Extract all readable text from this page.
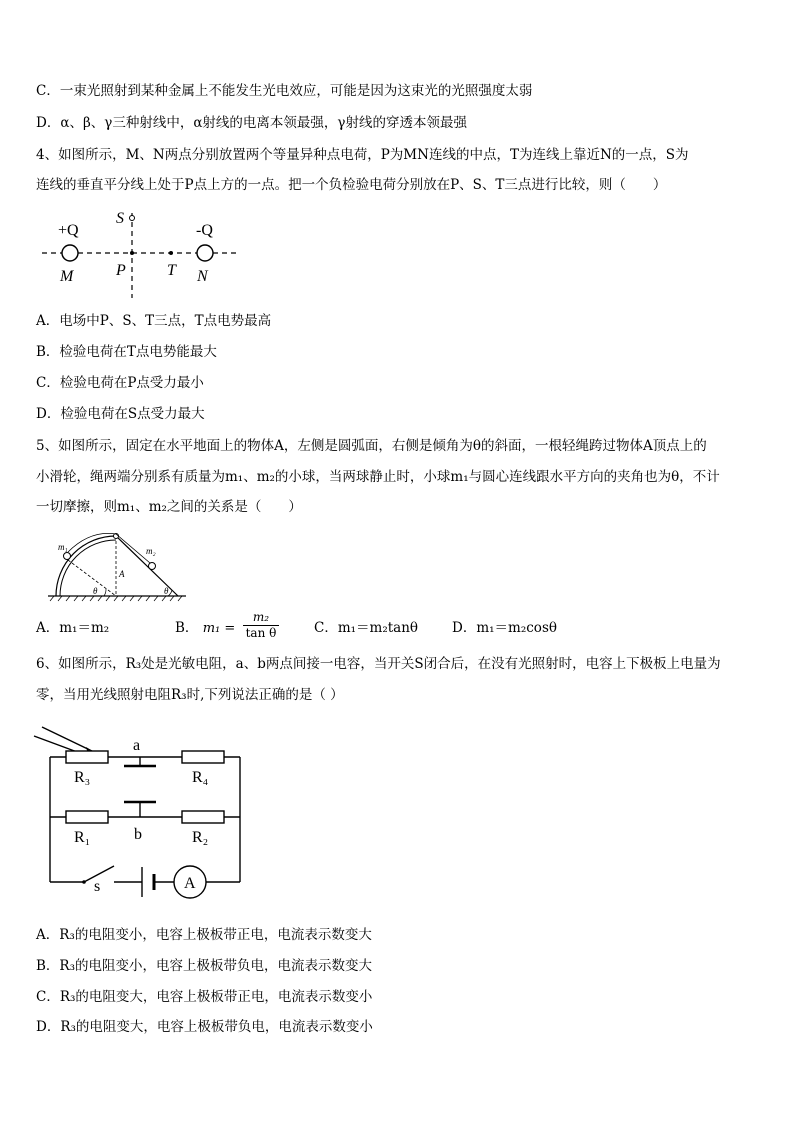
C．一束光照射到某种金属上不能发生光电效应，可能是因为这束光的光照强度太弱
D．α、β、γ三种射线中，α射线的电离本领最强，γ射线的穿透本领最强
4、如图所示，M、N两点分别放置两个等量异种点电荷，P为MN连线的中点，T为连线上靠近N的一点，S为
连线的垂直平分线上处于P点上方的一点。把一个负检验电荷分别放在P、S、T三点进行比较，则（　　）
+Q	-Q
S
M	P	T N
A．电场中P、S、T三点，T点电势最高
B．检验电荷在T点电势能最大
C．检验电荷在P点受力最小
D．检验电荷在S点受力最大
5、如图所示，固定在水平地面上的物体A，左侧是圆弧面，右侧是倾角为θ的斜面，一根轻绳跨过物体A顶点上的
小滑轮，绳两端分别系有质量为m₁、m₂的小球，当两球静止时，小球m₁与圆心连线跟水平方向的夹角也为θ，不计
一切摩擦，则m₁、m₂之间的关系是（　　）
m₁	m₂
A
θ	θ
A．m₁＝m₂	B． $m_1 = \frac{\text{m₂}}{\text{tan θ}}$	C．m₁＝m₂tanθ	D．m₁＝m₂cosθ
6、如图所示，R₃处是光敏电阻，a、b两点间接一电容，当开关S闭合后，在没有光照射时，电容上下极板上电量为
零，当用光线照射电阻R₃时,下列说法正确的是（ ）
a
b
R₃	R₄
R₁	R₂
s	A
A．R₃的电阻变小，电容上极板带正电，电流表示数变大
B．R₃的电阻变小，电容上极板带负电，电流表示数变大
C．R₃的电阻变大，电容上极板带正电，电流表示数变小
D．R₃的电阻变大，电容上极板带负电，电流表示数变小
